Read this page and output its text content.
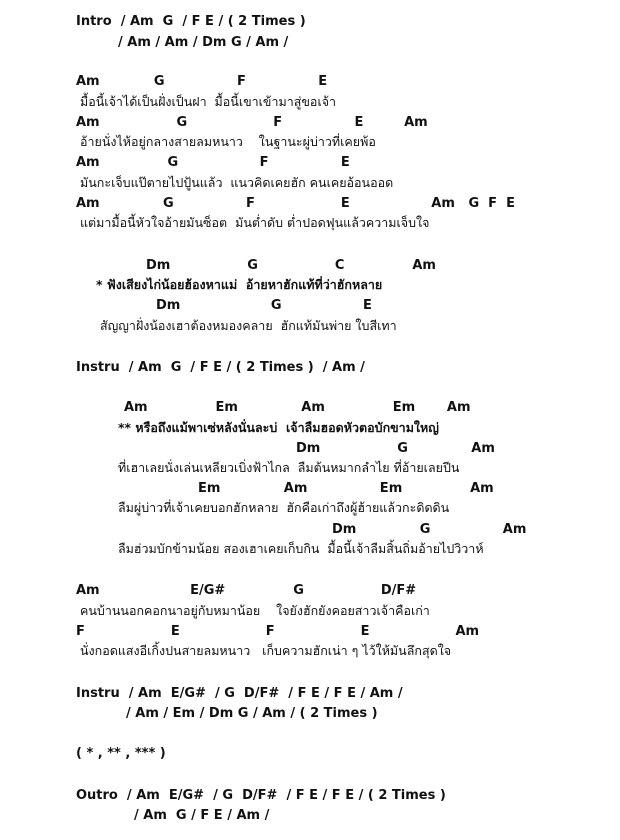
Intro  / Am  G  / F E / ( 2 Times )
/ Am / Am / Dm G / Am /
Am            G                F                E
มื้อนี้เจ้าได้เป็นฝั่งเป็นฝา  มื้อนี้เขาเข้ามาสู่ขอเจ้า
Am                 G                   F                E         Am
อ้ายนั่งไห้อยู่กลางสายลมหนาว    ในฐานะผู่บ่าวที่เคยพ้อ
Am               G                  F                E
มันกะเจ็บแป๊ตายไปปู้นแล้ว  แนวคิดเคยฮัก คนเคยอ้อนออด
Am              G                F                   E                  Am   G  F  E
แต่มามื้อนี้หัวใจอ้ายมันซ็อต  มันต่ำดับ ต่ำปอดฟุนแล้วความเจ็บใจ
Dm                 G                 C               Am
* ฟังเสียงไก่น้อยฮ้องหาแม่  อ้ายหาฮักแท้ที่ว่าฮักหลาย
Dm                    G                  E
สัญญาฝั่งน้องเฮาต้องหมองคลาย  ฮักแท้มันพ่าย ใบสีเทา
Instru  / Am  G  / F E / ( 2 Times )  / Am /
Am               Em              Am               Em       Am
** หรือถึงแม้พาเซ่หลังนั่นละบ่  เจ้าลืมฮอดหัวตอบักขามใหญ่
Dm                 G              Am
ที่เฮาเลยนั่งเล่นเหลียวเบิ่งฟ้าไกล  ลืมต้นหมากลำไย ที่อ้ายเลยปีน
Em              Am                Em               Am
ลืมผู่บ่าวที่เจ้าเคยบอกฮักหลาย  ฮักคือเก่าถึงผู้ฮ้ายแล้วกะดิดดิน
Dm              G                Am
ลืมฮ่วมบักข้ามน้อย สองเฮาเคยเก็บกิน  มื้อนี้เจ้าลืมสิ้นถิ่มอ้ายไปวิวาห์
Am                    E/G#               G                 D/F#
คนบ้านนอกคอกนาอยู่กับหมาน้อย    ใจยังฮักยังคอยสาวเจ้าคือเก่า
F                   E                   F                   E                   Am
นั่งกอดแสงอีเกิ้งปนสายลมหนาว   เก็บความฮักเน่า ๆ ไว้ให้มันลึกสุดใจ
Instru  / Am  E/G#  / G  D/F#  / F E / F E / Am /
/ Am / Em / Dm G / Am / ( 2 Times )
( * , ** , *** )
Outro  / Am  E/G#  / G  D/F#  / F E / F E / ( 2 Times )
/ Am  G / F E / Am /
